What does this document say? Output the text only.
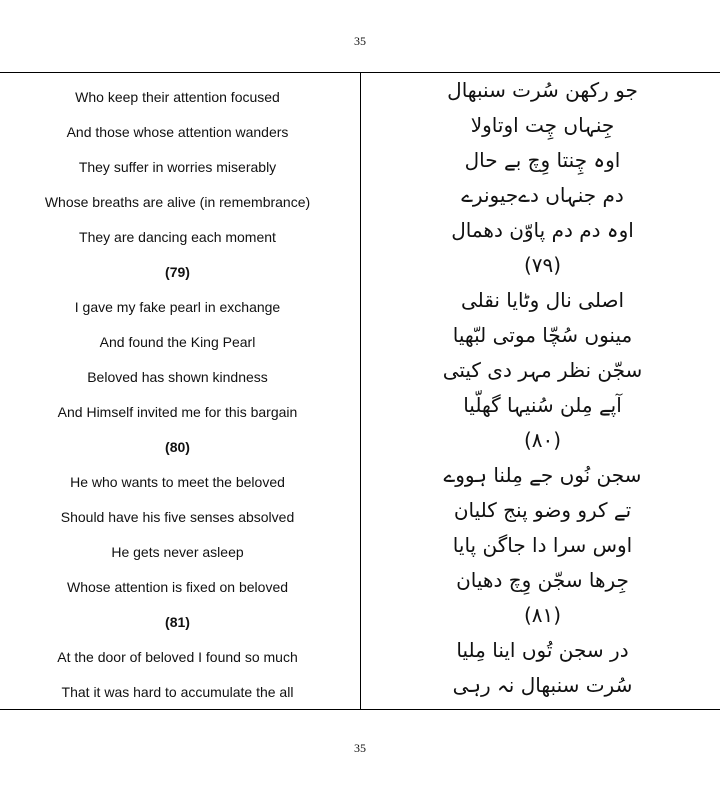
35
Who keep their attention focused
And those whose attention wanders
They suffer in worries miserably
Whose breaths are alive (in remembrance)
They are dancing each moment
(79)
I gave my fake pearl in exchange
And found the King Pearl
Beloved has shown kindness
And Himself invited me for this bargain
(80)
He who wants to meet the beloved
Should have his five senses absolved
He gets never asleep
Whose attention is fixed on beloved
(81)
At the door of beloved I found so much
That it was hard to accumulate the all
جو رکھن سُرت سنبھال
جِنہاں چِت اوتاولا
اوہ چِنتا وِچ بے حال
دم جنہاں دےجیونرے
اوہ دم دم پاوّن دھمال
(۷۹)
اصلی نال وٹایا نقلی
مینوں سُچّا موتی لبّھیا
سجّن نظر مہر دی کیتی
آپے مِلن سُنیہا گھلّیا
(۸۰)
سجن نُوں جے مِلنا ہووے
تے کرو وضو پنج کلیان
اوس سرا دا جاگن پایا
جِرھا سجّن وِچ دھیان
(۸۱)
در سجن تُوں اینا مِلیا
سُرت سنبھال نہ رہی
35
